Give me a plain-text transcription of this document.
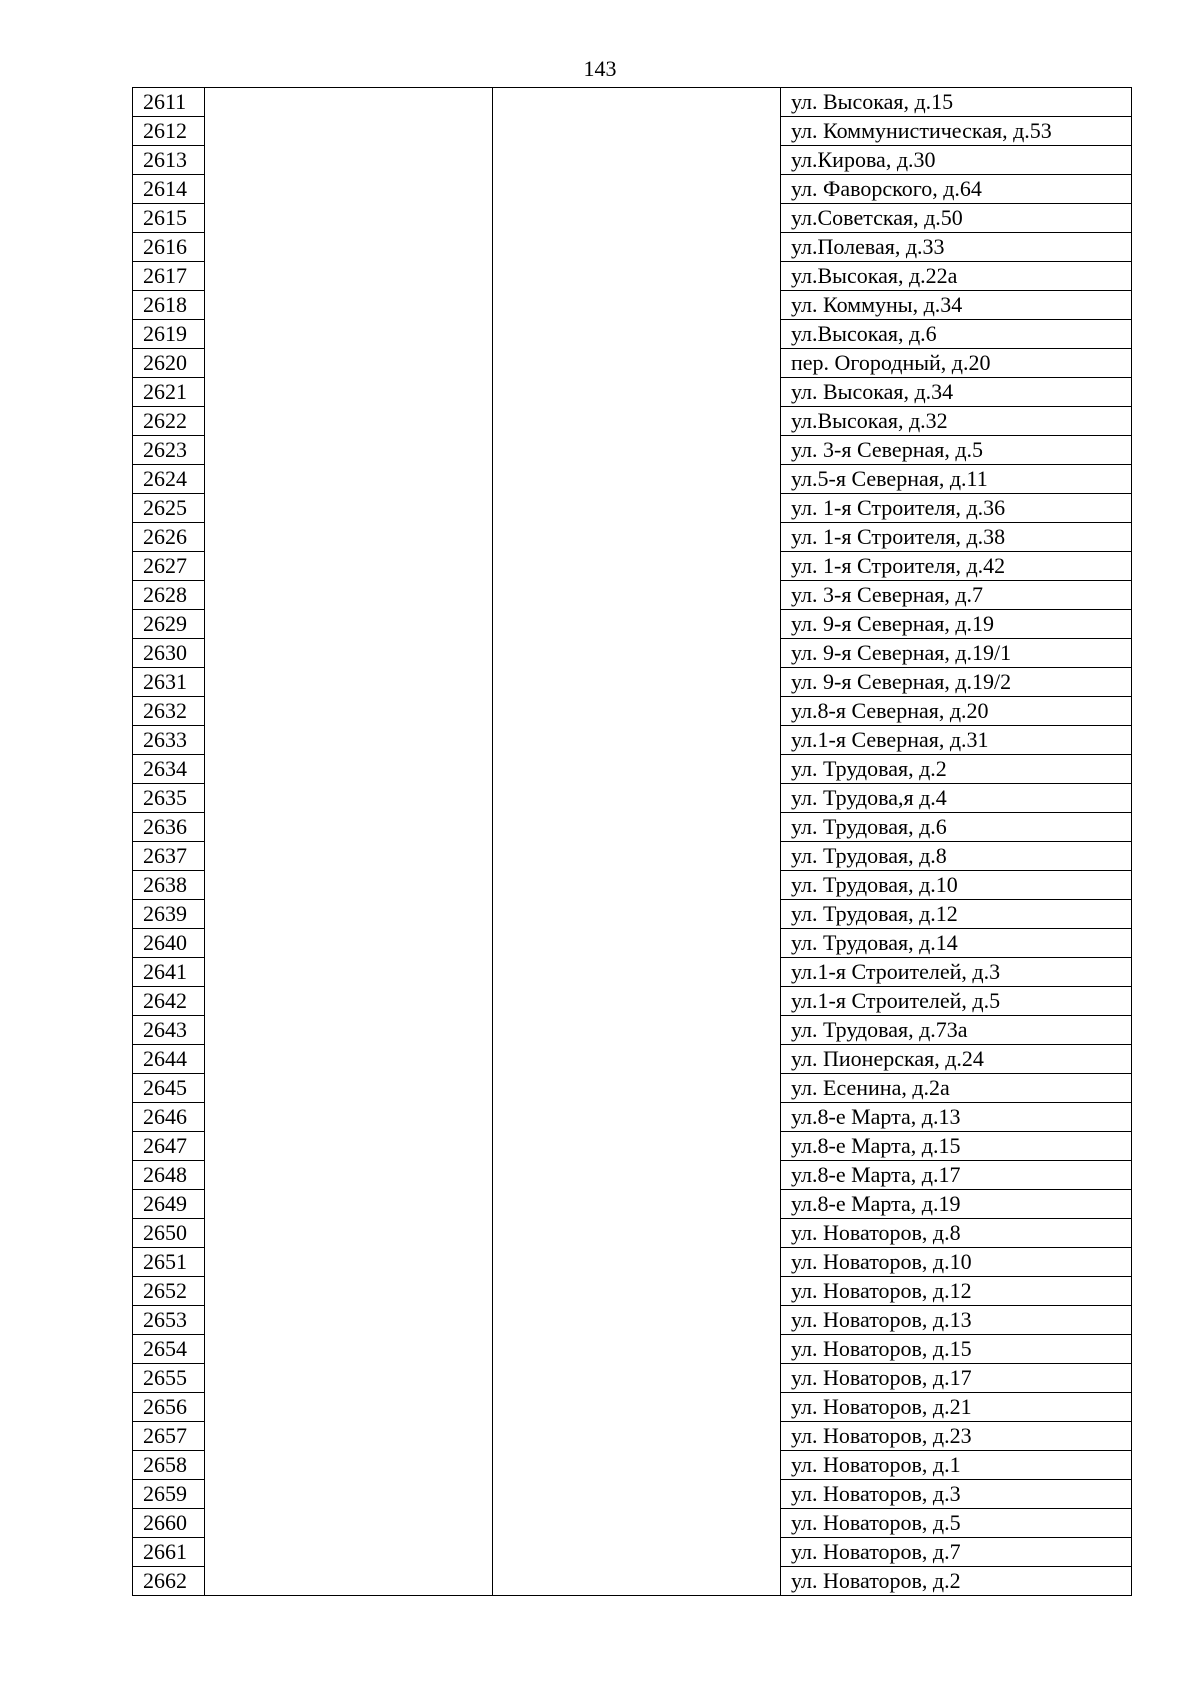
143
2611			ул. Высокая, д.15
2612			ул. Коммунистическая, д.53
2613			ул.Кирова, д.30
2614			ул. Фаворского, д.64
2615			ул.Советская, д.50
2616			ул.Полевая, д.33
2617			ул.Высокая, д.22а
2618			ул. Коммуны, д.34
2619			ул.Высокая, д.6
2620			пер. Огородный, д.20
2621			ул. Высокая, д.34
2622			ул.Высокая, д.32
2623			ул. 3-я Северная, д.5
2624			ул.5-я Северная, д.11
2625			ул. 1-я Строителя, д.36
2626			ул. 1-я Строителя, д.38
2627			ул. 1-я Строителя, д.42
2628			ул. 3-я Северная, д.7
2629			ул. 9-я Северная, д.19
2630			ул. 9-я Северная, д.19/1
2631			ул. 9-я Северная, д.19/2
2632			ул.8-я Северная, д.20
2633			ул.1-я Северная, д.31
2634			ул. Трудовая, д.2
2635			ул. Трудова,я д.4
2636			ул. Трудовая, д.6
2637			ул. Трудовая, д.8
2638			ул. Трудовая, д.10
2639			ул. Трудовая, д.12
2640			ул. Трудовая, д.14
2641			ул.1-я Строителей, д.3
2642			ул.1-я Строителей, д.5
2643			ул. Трудовая, д.73а
2644			ул. Пионерская, д.24
2645			ул. Есенина, д.2а
2646			ул.8-е Марта, д.13
2647			ул.8-е Марта, д.15
2648			ул.8-е Марта, д.17
2649			ул.8-е Марта, д.19
2650			ул. Новаторов, д.8
2651			ул. Новаторов, д.10
2652			ул. Новаторов, д.12
2653			ул. Новаторов, д.13
2654			ул. Новаторов, д.15
2655			ул. Новаторов, д.17
2656			ул. Новаторов, д.21
2657			ул. Новаторов, д.23
2658			ул. Новаторов, д.1
2659			ул. Новаторов, д.3
2660			ул. Новаторов, д.5
2661			ул. Новаторов, д.7
2662			ул. Новаторов, д.2
